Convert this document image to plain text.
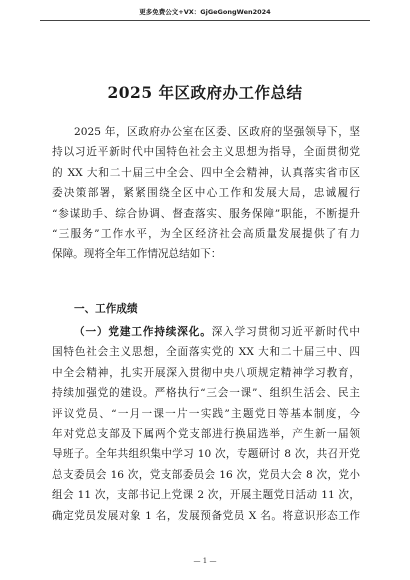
更多免费公文+VX：GjGeGongWen2024
2025 年区政府办工作总结
2025 年，区政府办公室在区委、区政府的坚强领导下，坚
持以习近平新时代中国特色社会主义思想为指导，全面贯彻党
的 XX 大和二十届三中全会、四中全会精神，认真落实省市区
委决策部署，紧紧围绕全区中心工作和发展大局，忠诚履行
“参谋助手、综合协调、督查落实、服务保障”职能，不断提升
“三服务”工作水平，为全区经济社会高质量发展提供了有力
保障。现将全年工作情况总结如下：
一、工作成绩
（一）党建工作持续深化。深入学习贯彻习近平新时代中
国特色社会主义思想，全面落实党的 XX 大和二十届三中、四
中全会精神，扎实开展深入贯彻中央八项规定精神学习教育，
持续加强党的建设。严格执行“三会一课”、组织生活会、民主
评议党员、“一月一课一片一实践”主题党日等基本制度，今
年对党总支部及下属两个党支部进行换届选举，产生新一届领
导班子。全年共组织集中学习 10 次，专题研讨 8 次，共召开党
总支委员会 16 次，党支部委员会 16 次，党员大会 8 次，党小
组会 11 次，支部书记上党课 2 次，开展主题党日活动 11 次，
确定党员发展对象 1 名，发展预备党员 X 名。将意识形态工作
— 1 —
